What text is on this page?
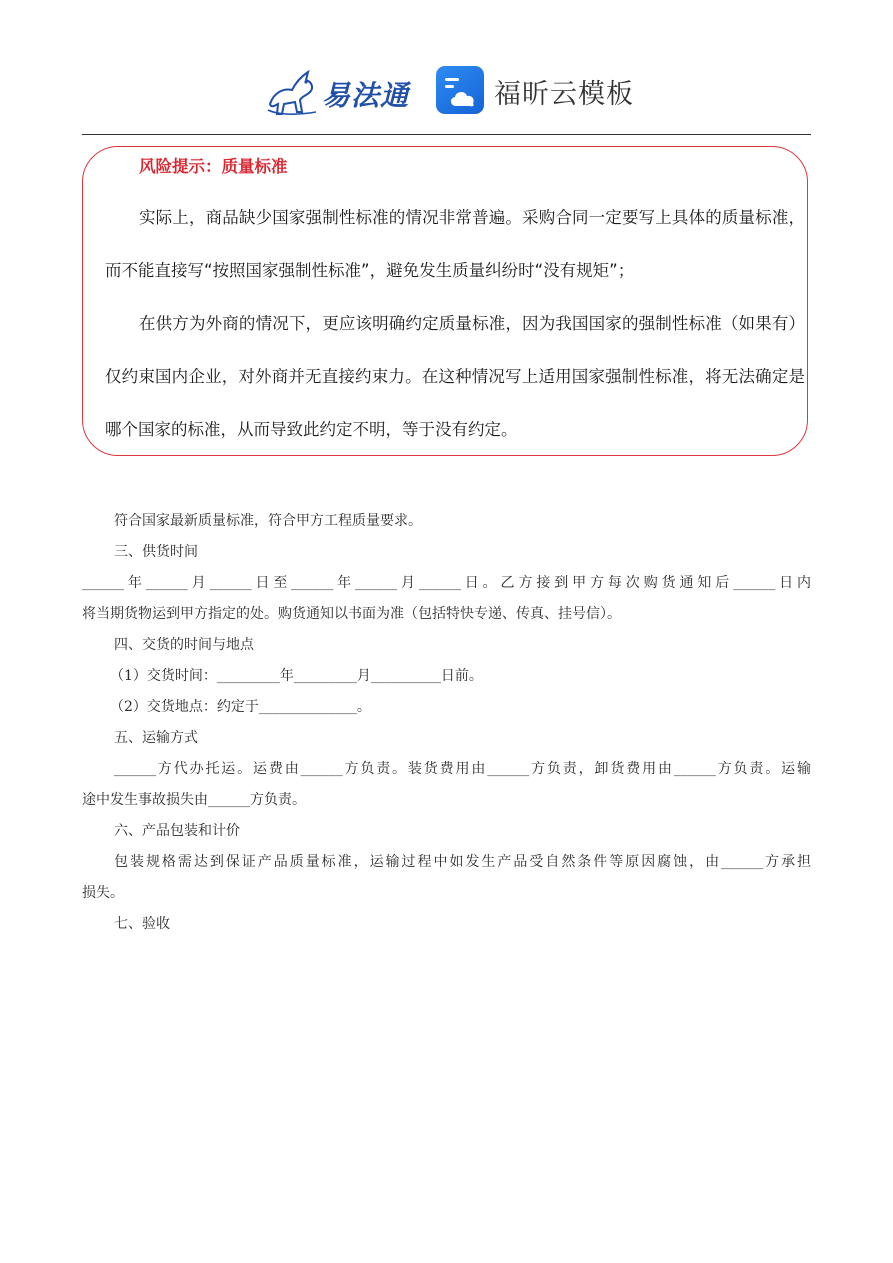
易法通	福昕云模板
风险提示：质量标准

实际上，商品缺少国家强制性标准的情况非常普遍。采购合同一定要写上具体的质量标准，而不能直接写“按照国家强制性标准”，避免发生质量纠纷时“没有规矩”；

在供方为外商的情况下，更应该明确约定质量标准，因为我国国家的强制性标准（如果有）仅约束国内企业，对外商并无直接约束力。在这种情况写上适用国家强制性标准，将无法确定是哪个国家的标准，从而导致此约定不明，等于没有约定。

符合国家最新质量标准，符合甲方工程质量要求。
三、供货时间
______年______月______日至______年______月______日。乙方接到甲方每次购货通知后______日内
将当期货物运到甲方指定的处。购货通知以书面为准（包括特快专递、传真、挂号信）。
四、交货的时间与地点
（1）交货时间：_________年_________月__________日前。
（2）交货地点：约定于______________。
五、运输方式
______方代办托运。运费由______方负责。装货费用由______方负责，卸货费用由______方负责。运输
途中发生事故损失由______方负责。
六、产品包装和计价
包装规格需达到保证产品质量标准，运输过程中如发生产品受自然条件等原因腐蚀，由______方承担
损失。
七、验收
